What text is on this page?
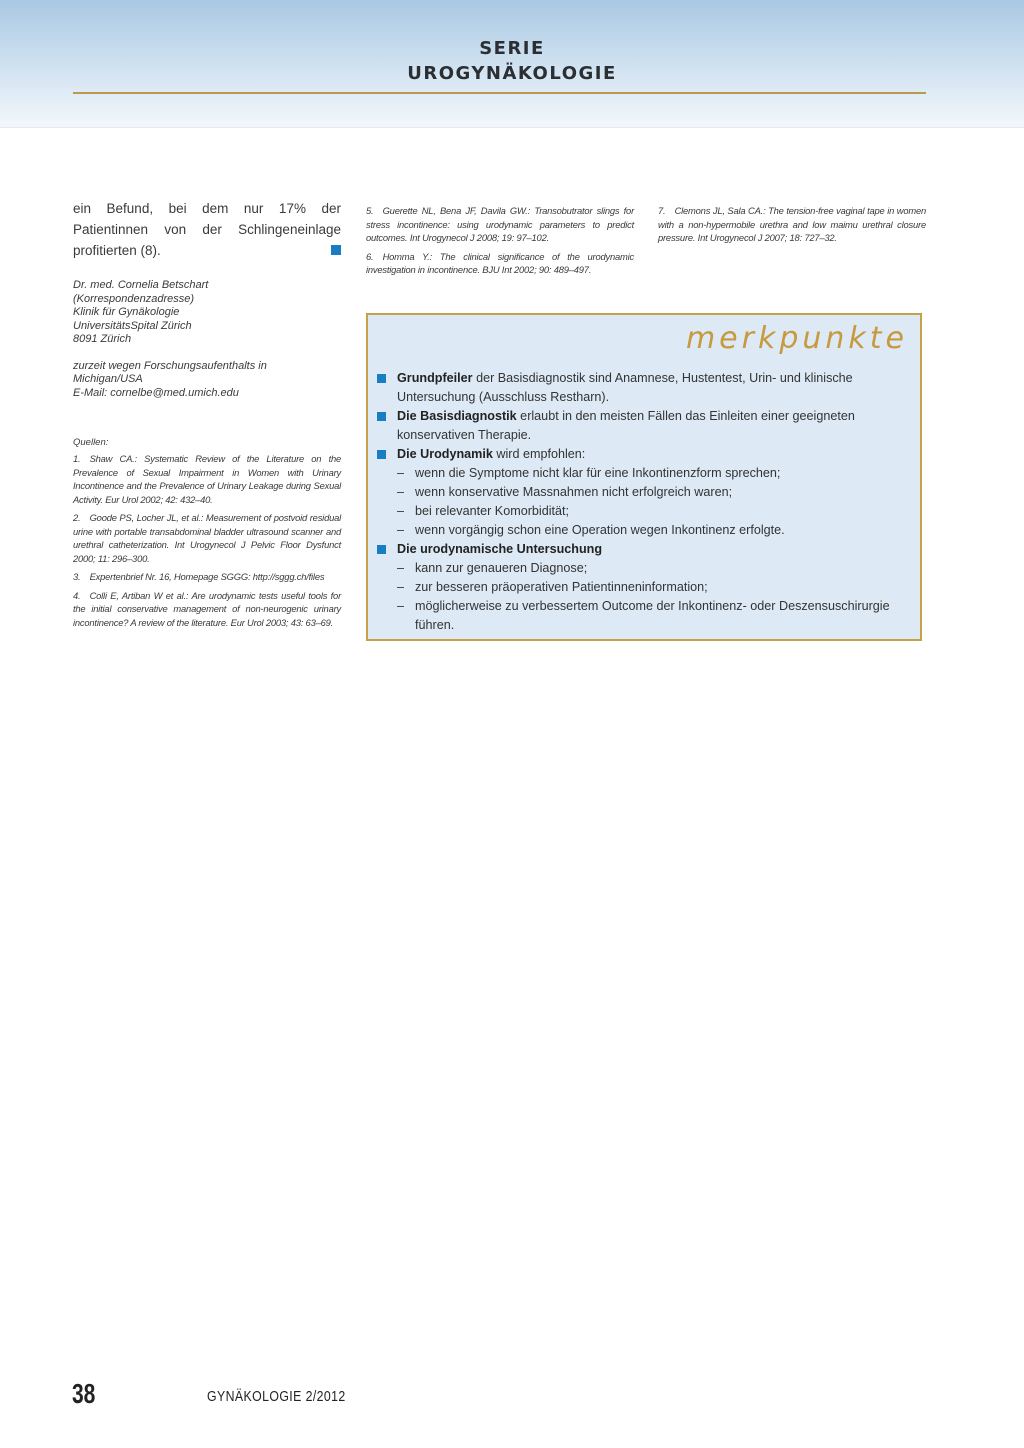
SERIE
UROGYNÄKOLOGIE
ein Befund, bei dem nur 17% der Patientinnen von der Schlingeneinlage profitierten (8).
Dr. med. Cornelia Betschart
(Korrespondenzadresse)
Klinik für Gynäkologie
UniversitätsSpital Zürich
8091 Zürich
zurzeit wegen Forschungsaufenthalts in
Michigan/USA
E-Mail: cornelbe@med.umich.edu
Quellen:
1. Shaw CA.: Systematic Review of the Literature on the Prevalence of Sexual Impairment in Women with Urinary Incontinence and the Prevalence of Urinary Leakage during Sexual Activity. Eur Urol 2002; 42: 432–40.
2. Goode PS, Locher JL, et al.: Measurement of postvoid residual urine with portable transabdominal bladder ultrasound scanner and urethral catheterization. Int Urogynecol J Pelvic Floor Dysfunct 2000; 11: 296–300.
3. Expertenbrief Nr. 16, Homepage SGGG: http://sggg.ch/files
4. Colli E, Artiban W et al.: Are urodynamic tests useful tools for the initial conservative management of non-neurogenic urinary incontinence? A review of the literature. Eur Urol 2003; 43: 63–69.
5. Guerette NL, Bena JF, Davila GW.: Transobutrator slings for stress incontinence: using urodynamic parameters to predict outcomes. Int Urogynecol J 2008; 19: 97–102.
6. Homma Y.: The clinical significance of the urodynamic investigation in incontinence. BJU Int 2002; 90: 489–497.
7. Clemons JL, Sala CA.: The tension-free vaginal tape in women with a non-hypermobile urethra and low maimu urethral closure pressure. Int Urogynecol J 2007; 18: 727–32.
merkpunkte
Grundpfeiler der Basisdiagnostik sind Anamnese, Hustentest, Urin- und klinische Untersuchung (Ausschluss Restharn).
Die Basisdiagnostik erlaubt in den meisten Fällen das Einleiten einer geeigneten konservativen Therapie.
Die Urodynamik wird empfohlen:
– wenn die Symptome nicht klar für eine Inkontinenzform sprechen;
– wenn konservative Massnahmen nicht erfolgreich waren;
– bei relevanter Komorbidität;
– wenn vorgängig schon eine Operation wegen Inkontinenz erfolgte.
Die urodynamische Untersuchung
– kann zur genaueren Diagnose;
– zur besseren präoperativen Patientinneninformation;
– möglicherweise zu verbessertem Outcome der Inkontinenz- oder Deszensuschirurgie führen.
38	GYNÄKOLOGIE 2/2012
